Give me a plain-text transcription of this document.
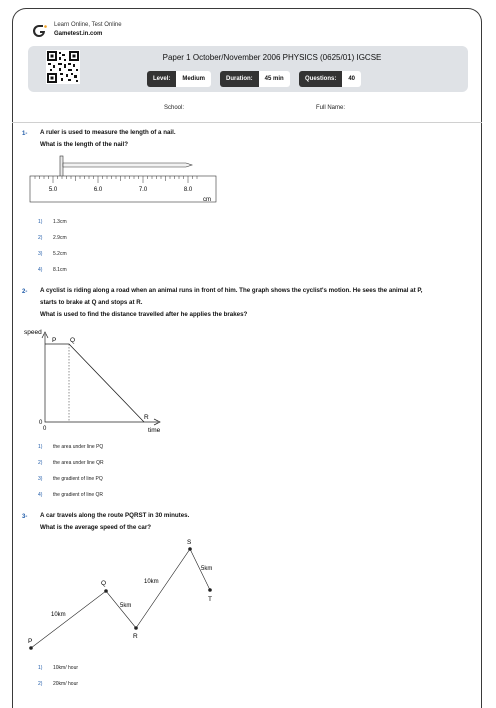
Learn Online, Test Online
Gametest.in.com
Paper 1 October/November 2006 PHYSICS (0625/01) IGCSE
Level:	Medium	Duration:	45 min	Questions:	40
School:	Full Name:
1- A ruler is used to measure the length of a nail.
What is the length of the nail?
5.0	6.0	7.0	8.0
cm
1) 1.3cm
2) 2.9cm
3) 5.2cm
4) 8.1cm
2- A cyclist is riding along a road when an animal runs in front of him. The graph shows the cyclist's motion. He sees the animal at P,
starts to brake at Q and stops at R.
What is used to find the distance travelled after he applies the brakes?
speed
P Q
R
0
0	time
1) the area under line PQ
2) the area under line QR
3) the gradient of line PQ
4) the gradient of line QR
3- A car travels along the route PQRST in 30 minutes.
What is the average speed of the car?
P
Q
R
S
T
10km
5km
10km
5km
1) 10km/ hour
2) 20km/ hour
